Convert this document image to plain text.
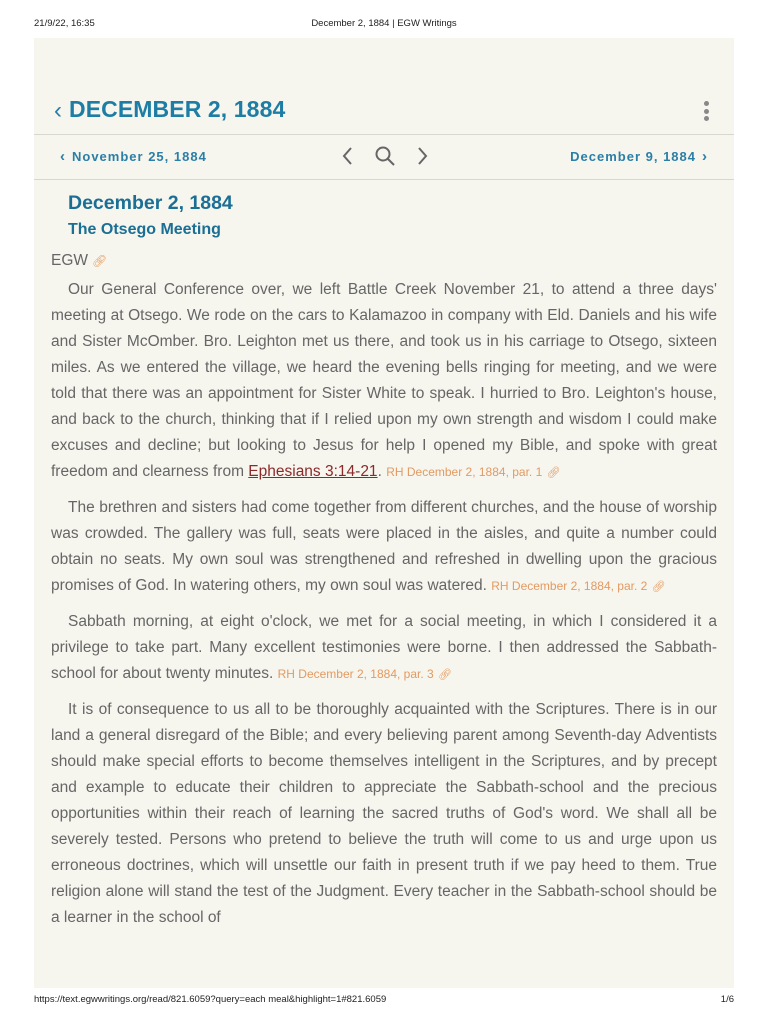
21/9/22, 16:35	December 2, 1884 | EGW Writings
‹ DECEMBER 2, 1884
‹ November 25, 1884	December 9, 1884 ›
December 2, 1884
The Otsego Meeting
EGW 🔗︎

Our General Conference over, we left Battle Creek November 21, to attend a three days' meeting at Otsego. We rode on the cars to Kalamazoo in company with Eld. Daniels and his wife and Sister McOmber. Bro. Leighton met us there, and took us in his carriage to Otsego, sixteen miles. As we entered the village, we heard the evening bells ringing for meeting, and we were told that there was an appointment for Sister White to speak. I hurried to Bro. Leighton's house, and back to the church, thinking that if I relied upon my own strength and wisdom I could make excuses and decline; but looking to Jesus for help I opened my Bible, and spoke with great freedom and clearness from Ephesians 3:14-21. RH December 2, 1884, par. 1 🔗︎

The brethren and sisters had come together from different churches, and the house of worship was crowded. The gallery was full, seats were placed in the aisles, and quite a number could obtain no seats. My own soul was strengthened and refreshed in dwelling upon the gracious promises of God. In watering others, my own soul was watered. RH December 2, 1884, par. 2 🔗︎

Sabbath morning, at eight o'clock, we met for a social meeting, in which I considered it a privilege to take part. Many excellent testimonies were borne. I then addressed the Sabbath-school for about twenty minutes. RH December 2, 1884, par. 3 🔗︎

It is of consequence to us all to be thoroughly acquainted with the Scriptures. There is in our land a general disregard of the Bible; and every believing parent among Seventh-day Adventists should make special efforts to become themselves intelligent in the Scriptures, and by precept and example to educate their children to appreciate the Sabbath-school and the precious opportunities within their reach of learning the sacred truths of God's word. We shall all be severely tested. Persons who pretend to believe the truth will come to us and urge upon us erroneous doctrines, which will unsettle our faith in present truth if we pay heed to them. True religion alone will stand the test of the Judgment. Every teacher in the Sabbath-school should be a learner in the school of

https://text.egwwritings.org/read/821.6059?query=each meal&highlight=1#821.6059	1/6
